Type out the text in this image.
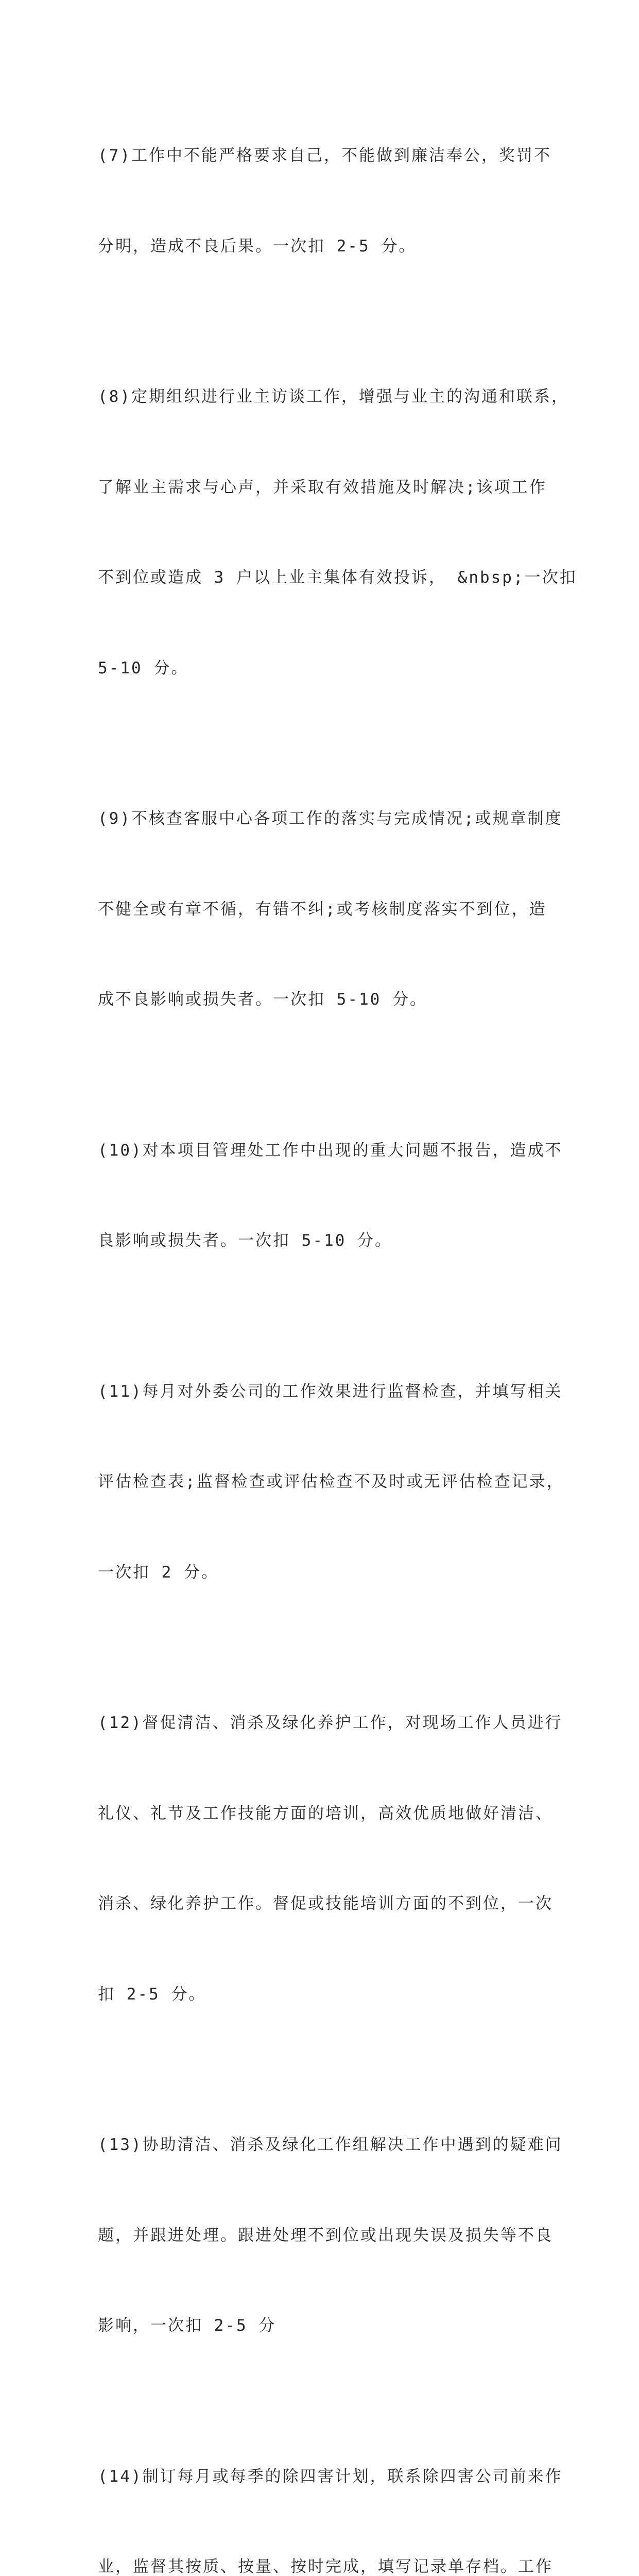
(7)工作中不能严格要求自己，不能做到廉洁奉公，奖罚不

分明，造成不良后果。一次扣 2-5 分。

(8)定期组织进行业主访谈工作，增强与业主的沟通和联系，

了解业主需求与心声，并采取有效措施及时解决;该项工作

不到位或造成 3 户以上业主集体有效投诉， &nbsp;一次扣

5-10 分。

(9)不核查客服中心各项工作的落实与完成情况;或规章制度

不健全或有章不循，有错不纠;或考核制度落实不到位，造

成不良影响或损失者。一次扣 5-10 分。

(10)对本项目管理处工作中出现的重大问题不报告，造成不

良影响或损失者。一次扣 5-10 分。

(11)每月对外委公司的工作效果进行监督检查，并填写相关

评估检查表;监督检查或评估检查不及时或无评估检查记录，

一次扣 2 分。

(12)督促清洁、消杀及绿化养护工作，对现场工作人员进行

礼仪、礼节及工作技能方面的培训，高效优质地做好清洁、

消杀、绿化养护工作。督促或技能培训方面的不到位，一次

扣 2-5 分。

(13)协助清洁、消杀及绿化工作组解决工作中遇到的疑难问

题，并跟进处理。跟进处理不到位或出现失误及损失等不良

影响，一次扣 2-5 分

(14)制订每月或每季的除四害计划，联系除四害公司前来作

业，监督其按质、按量、按时完成，填写记录单存档。工作
